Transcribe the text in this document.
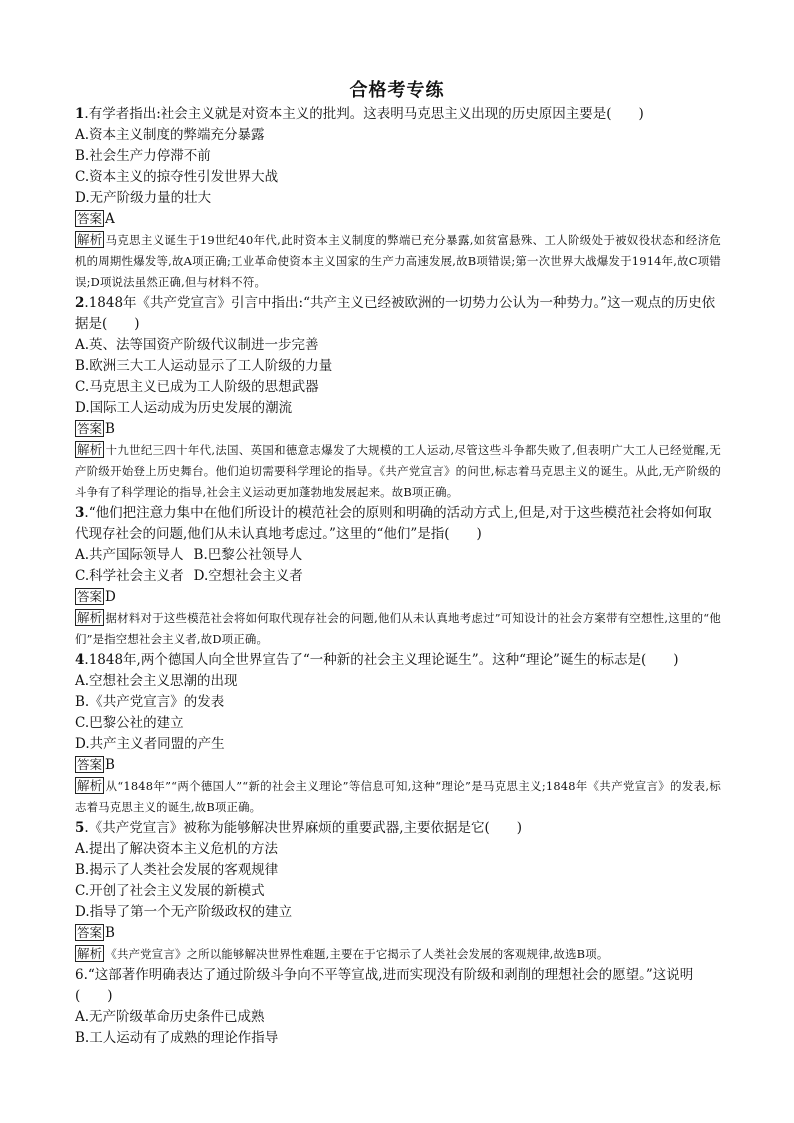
合格考专练
1.有学者指出:社会主义就是对资本主义的批判。这表明马克思主义出现的历史原因主要是(　　)
A.资本主义制度的弊端充分暴露
B.社会生产力停滞不前
C.资本主义的掠夺性引发世界大战
D.无产阶级力量的壮大
答案 A
解析 马克思主义诞生于19世纪40年代,此时资本主义制度的弊端已充分暴露,如贫富悬殊、工人阶级处于被奴役状态和经济危机的周期性爆发等,故A项正确;工业革命使资本主义国家的生产力高速发展,故B项错误;第一次世界大战爆发于1914年,故C项错误;D项说法虽然正确,但与材料不符。
2.1848年《共产党宣言》引言中指出:“共产主义已经被欧洲的一切势力公认为一种势力。”这一观点的历史依据是(　　)
A.英、法等国资产阶级代议制进一步完善
B.欧洲三大工人运动显示了工人阶级的力量
C.马克思主义已成为工人阶级的思想武器
D.国际工人运动成为历史发展的潮流
答案 B
解析 十九世纪三四十年代,法国、英国和德意志爆发了大规模的工人运动,尽管这些斗争都失败了,但表明广大工人已经觉醒,无产阶级开始登上历史舞台。他们迫切需要科学理论的指导。《共产党宣言》的问世,标志着马克思主义的诞生。从此,无产阶级的斗争有了科学理论的指导,社会主义运动更加蓬勃地发展起来。故B项正确。
3.“他们把注意力集中在他们所设计的模范社会的原则和明确的活动方式上,但是,对于这些模范社会将如何取代现存社会的问题,他们从未认真地考虑过。”这里的“他们”是指(　　)
A.共产国际领导人 B.巴黎公社领导人
C.科学社会主义者 D.空想社会主义者
答案 D
解析 据材料对于这些模范社会将如何取代现存社会的问题,他们从未认真地考虑过”可知设计的社会方案带有空想性,这里的“他们”是指空想社会主义者,故D项正确。
4.1848年,两个德国人向全世界宣告了“一种新的社会主义理论诞生”。这种“理论”诞生的标志是(　　)
A.空想社会主义思潮的出现
B.《共产党宣言》的发表
C.巴黎公社的建立
D.共产主义者同盟的产生
答案 B
解析 从“1848年”“两个德国人”“新的社会主义理论”等信息可知,这种“理论”是马克思主义;1848年《共产党宣言》的发表,标志着马克思主义的诞生,故B项正确。
5.《共产党宣言》被称为能够解决世界麻烦的重要武器,主要依据是它(　　)
A.提出了解决资本主义危机的方法
B.揭示了人类社会发展的客观规律
C.开创了社会主义发展的新模式
D.指导了第一个无产阶级政权的建立
答案 B
解析 《共产党宣言》之所以能够解决世界性难题,主要在于它揭示了人类社会发展的客观规律,故选B项。
6.“这部著作明确表达了通过阶级斗争向不平等宣战,进而实现没有阶级和剥削的理想社会的愿望。”这说明(　　)
A.无产阶级革命历史条件已成熟
B.工人运动有了成熟的理论作指导
